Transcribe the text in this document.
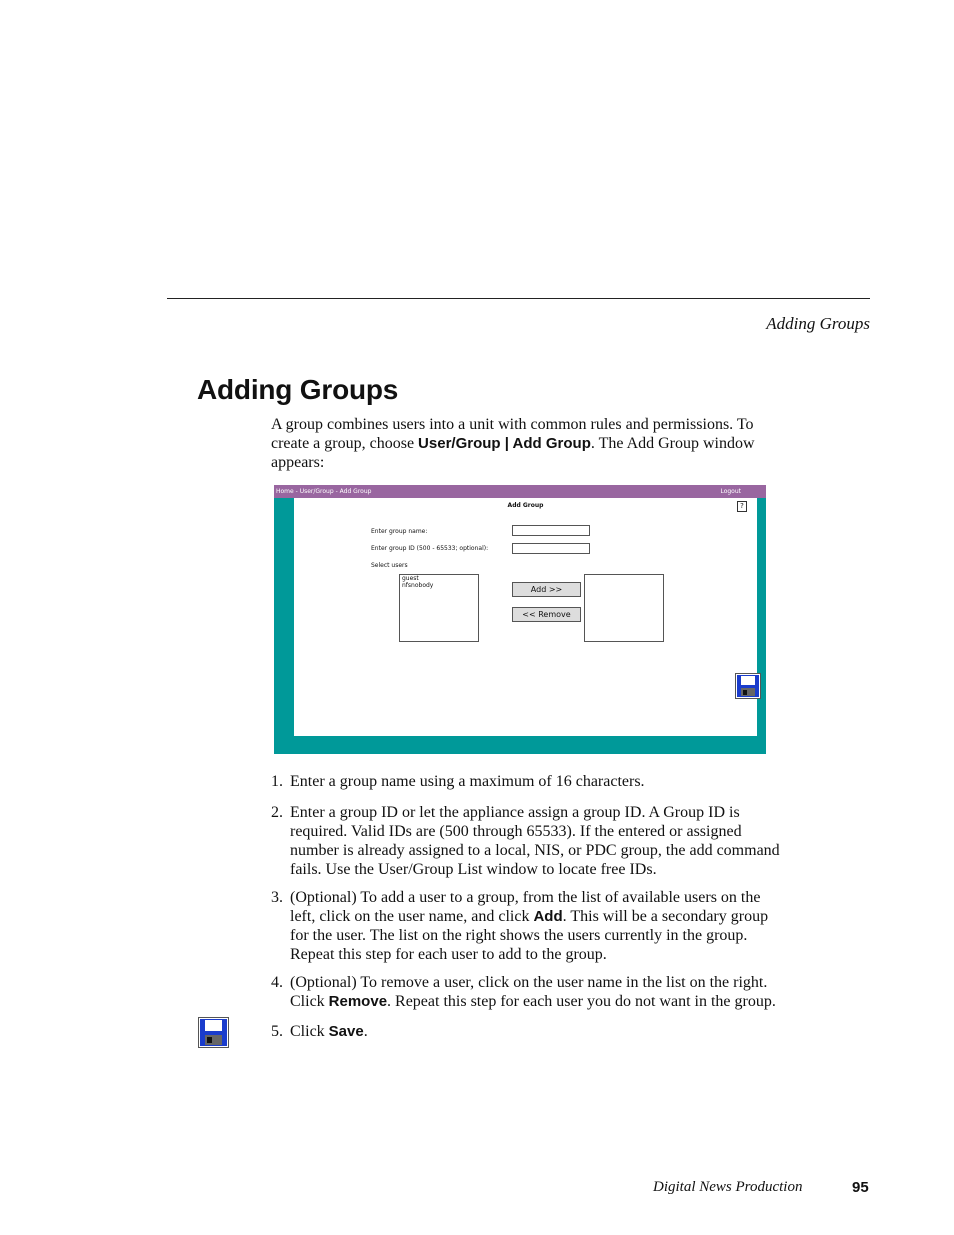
Adding Groups
Adding Groups
A group combines users into a unit with common rules and permissions. To
create a group, choose User/Group | Add Group. The Add Group window
appears:
Home - User/Group - Add Group	Logout
Add Group	?
Enter group name:
Enter group ID (500 - 65533; optional):
Select users
guest
nfsnobody	Add >>
<< Remove
1. Enter a group name using a maximum of 16 characters.
2. Enter a group ID or let the appliance assign a group ID. A Group ID is
required. Valid IDs are (500 through 65533). If the entered or assigned
number is already assigned to a local, NIS, or PDC group, the add command
fails. Use the User/Group List window to locate free IDs.
3. (Optional) To add a user to a group, from the list of available users on the
left, click on the user name, and click Add. This will be a secondary group
for the user. The list on the right shows the users currently in the group.
Repeat this step for each user to add to the group.
4. (Optional) To remove a user, click on the user name in the list on the right.
Click Remove. Repeat this step for each user you do not want in the group.
5. Click Save.
Digital News Production	95
